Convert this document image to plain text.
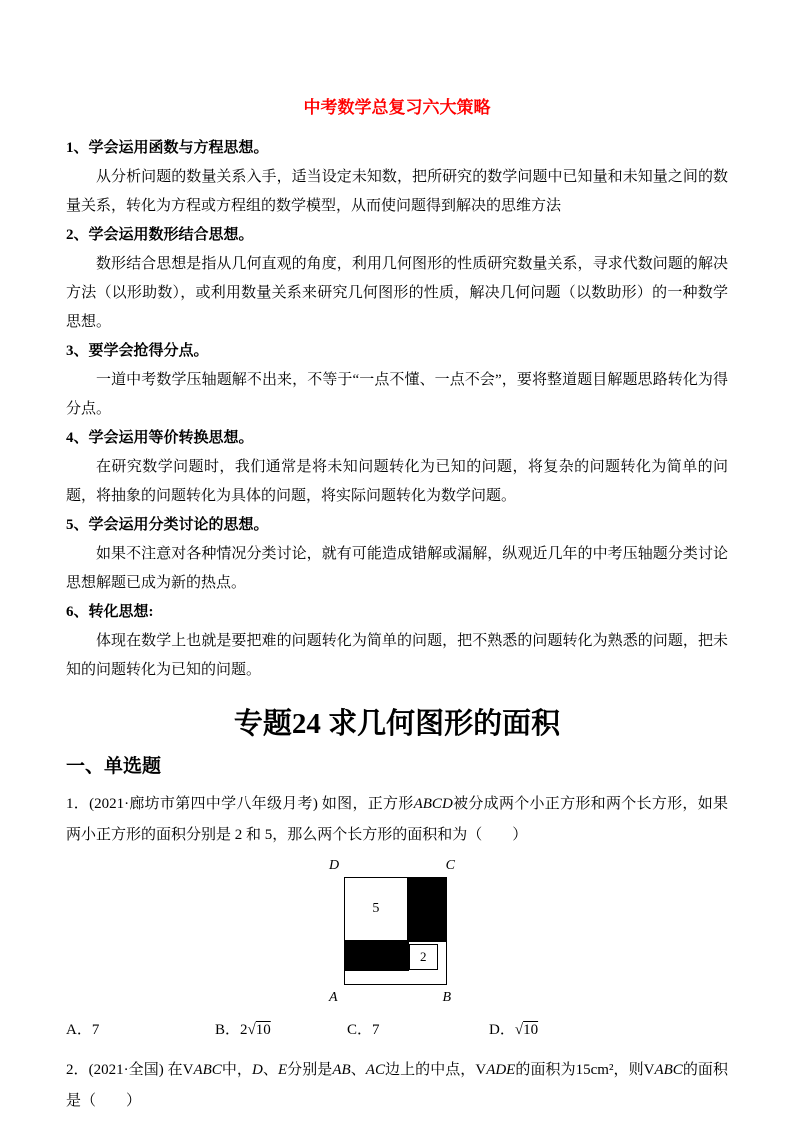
中考数学总复习六大策略

1、学会运用函数与方程思想。

从分析问题的数量关系入手，适当设定未知数，把所研究的数学问题中已知量和未知量之间的数量关系，转化为方程或方程组的数学模型，从而使问题得到解决的思维方法

2、学会运用数形结合思想。

数形结合思想是指从几何直观的角度，利用几何图形的性质研究数量关系，寻求代数问题的解决方法（以形助数），或利用数量关系来研究几何图形的性质，解决几何问题（以数助形）的一种数学思想。

3、要学会抢得分点。

一道中考数学压轴题解不出来，不等于“一点不懂、一点不会”，要将整道题目解题思路转化为得分点。

4、学会运用等价转换思想。

在研究数学问题时，我们通常是将未知问题转化为已知的问题，将复杂的问题转化为简单的问题，将抽象的问题转化为具体的问题，将实际问题转化为数学问题。

5、学会运用分类讨论的思想。

如果不注意对各种情况分类讨论，就有可能造成错解或漏解，纵观近几年的中考压轴题分类讨论思想解题已成为新的热点。

6、转化思想:

体现在数学上也就是要把难的问题转化为简单的问题，把不熟悉的问题转化为熟悉的问题，把未知的问题转化为已知的问题。

专题24 求几何图形的面积
一、单选题

1．(2021·廊坊市第四中学八年级月考) 如图，正方形ABCD被分成两个小正方形和两个长方形，如果两小正方形的面积分别是 2 和 5，那么两个长方形的面积和为（　　）

D	C
A	B
5
2
A．7	B．2√10	C．7	D．√10

2．(2021·全国) 在VABC中，D、E分别是AB、AC边上的中点，VADE的面积为15cm²，则VABC的面积是（　　）
